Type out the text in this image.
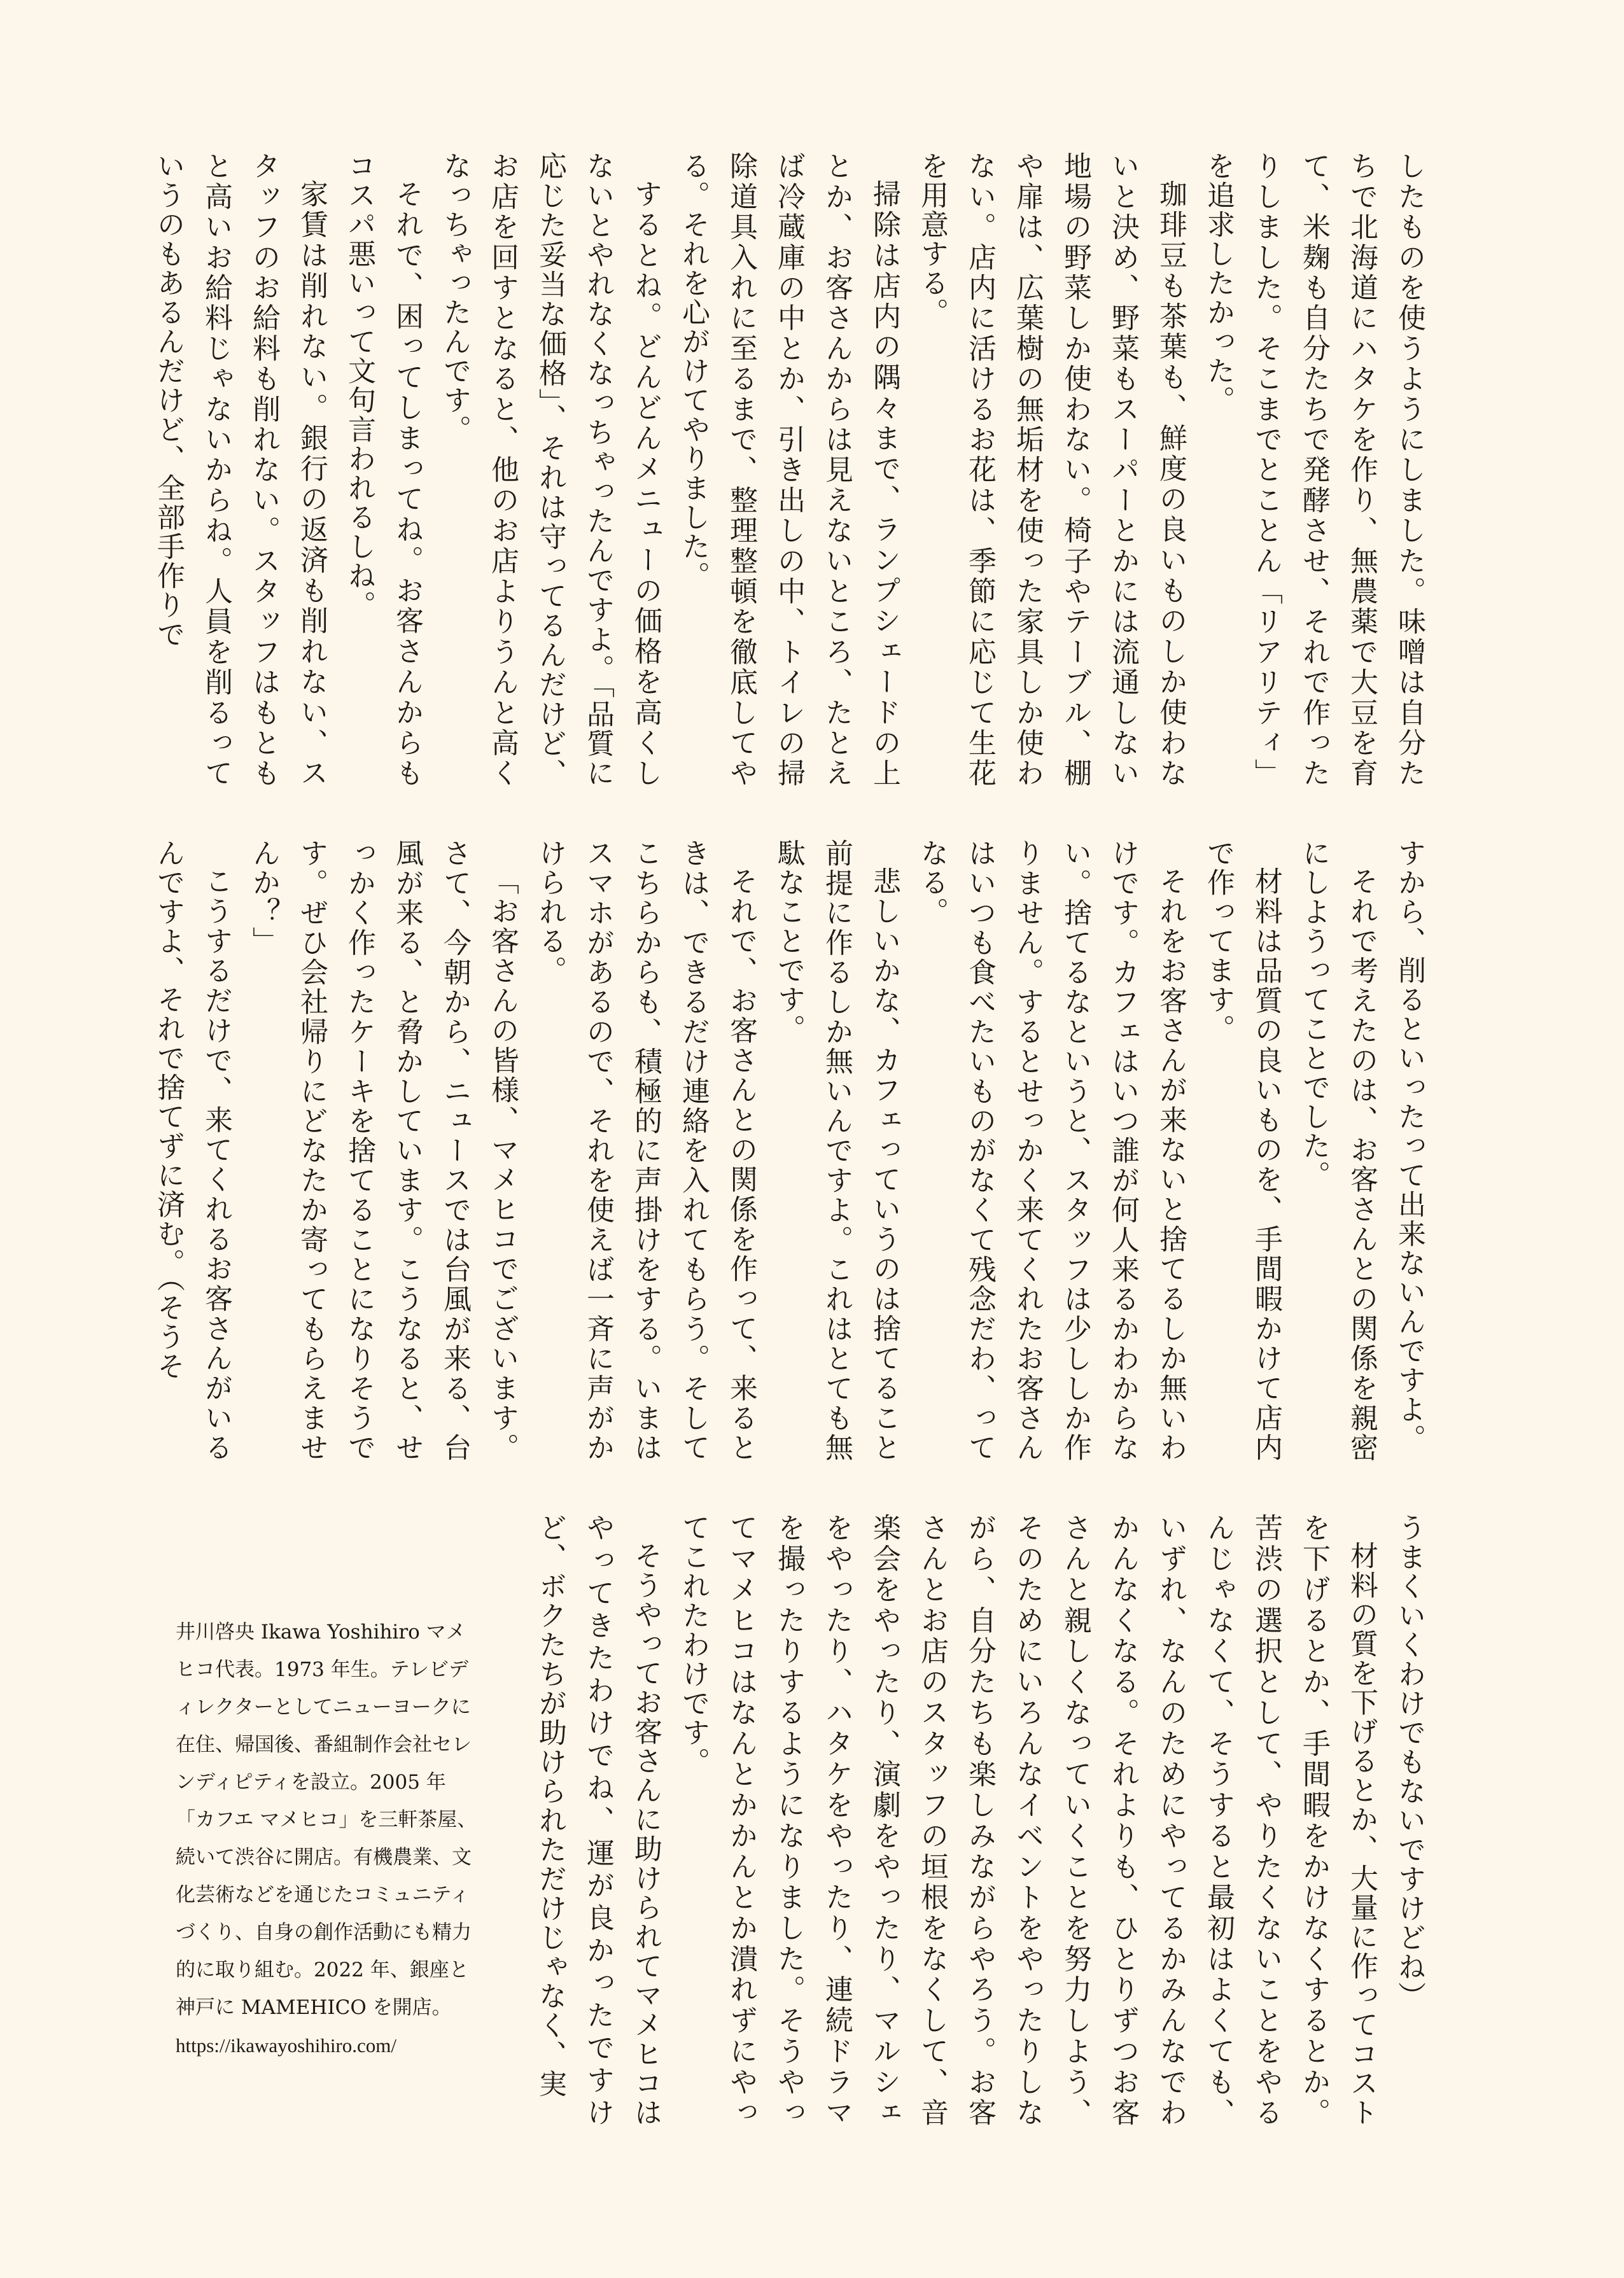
したものを使うようにしました。味噌は自分たちで北海道にハタケを作り、無農薬で大豆を育て、米麹も自分たちで発酵させ、それで作ったりしました。そこまでとことん「リアリティ」を追求したかった。

珈琲豆も茶葉も、鮮度の良いものしか使わないと決め、野菜もスーパーとかには流通しない地場の野菜しか使わない。椅子やテーブル、棚や扉は、広葉樹の無垢材を使った家具しか使わない。店内に活けるお花は、季節に応じて生花を用意する。

掃除は店内の隅々まで、ランプシェードの上とか、お客さんからは見えないところ、たとえば冷蔵庫の中とか、引き出しの中、トイレの掃除道具入れに至るまで、整理整頓を徹底してやる。それを心がけてやりました。

するとね。どんどんメニューの価格を高くしないとやれなくなっちゃったんですよ。「品質に応じた妥当な価格」、それは守ってるんだけど、お店を回すとなると、他のお店よりうんと高くなっちゃったんです。

それで、困ってしまってね。お客さんからもコスパ悪いって文句言われるしね。

家賃は削れない。銀行の返済も削れない、スタッフのお給料も削れない。スタッフはもともと高いお給料じゃないからね。人員を削るっていうのもあるんだけど、全部手作りで

すから、削るといったって出来ないんですよ。

それで考えたのは、お客さんとの関係を親密にしようってことでした。

材料は品質の良いものを、手間暇かけて店内で作ってます。

それをお客さんが来ないと捨てるしか無いわけです。カフェはいつ誰が何人来るかわからない。捨てるなというと、スタッフは少ししか作りません。するとせっかく来てくれたお客さんはいつも食べたいものがなくて残念だわ、ってなる。

悲しいかな、カフェっていうのは捨てること前提に作るしか無いんですよ。これはとても無駄なことです。

それで、お客さんとの関係を作って、来るときは、できるだけ連絡を入れてもらう。そしてこちらからも、積極的に声掛けをする。いまはスマホがあるので、それを使えば一斉に声がかけられる。

「お客さんの皆様、マメヒコでございます。さて、今朝から、ニュースでは台風が来る、台風が来る、と脅かしています。こうなると、せっかく作ったケーキを捨てることになりそうです。ぜひ会社帰りにどなたか寄ってもらえませんか？」

こうするだけで、来てくれるお客さんがいるんですよ、それで捨てずに済む。（そうそ

うまくいくわけでもないですけどね）

材料の質を下げるとか、大量に作ってコストを下げるとか、手間暇をかけなくするとか。苦渋の選択として、やりたくないことをやるんじゃなくて、そうすると最初はよくても、いずれ、なんのためにやってるかみんなでわかんなくなる。それよりも、ひとりずつお客さんと親しくなっていくことを努力しよう、そのためにいろんなイベントをやったりしながら、自分たちも楽しみながらやろう。お客さんとお店のスタッフの垣根をなくして、音楽会をやったり、演劇をやったり、マルシェをやったり、ハタケをやったり、連続ドラマを撮ったりするようになりました。そうやってマメヒコはなんとかかんとか潰れずにやってこれたわけです。

そうやってお客さんに助けられてマメヒコはやってきたわけでね、運が良かったですけど、ボクたちが助けられただけじゃなく、実

井川啓央 Ikawa Yoshihiro マメヒコ代表。1973 年生。テレビディレクターとしてニューヨークに在住、帰国後、番組制作会社セレンディピティを設立。2005 年「カフエ マメヒコ」を三軒茶屋、続いて渋谷に開店。有機農業、文化芸術などを通じたコミュニティづくり、自身の創作活動にも精力的に取り組む。2022 年、銀座と神戸に MAMEHICO を開店。

https://ikawayoshihiro.com/
